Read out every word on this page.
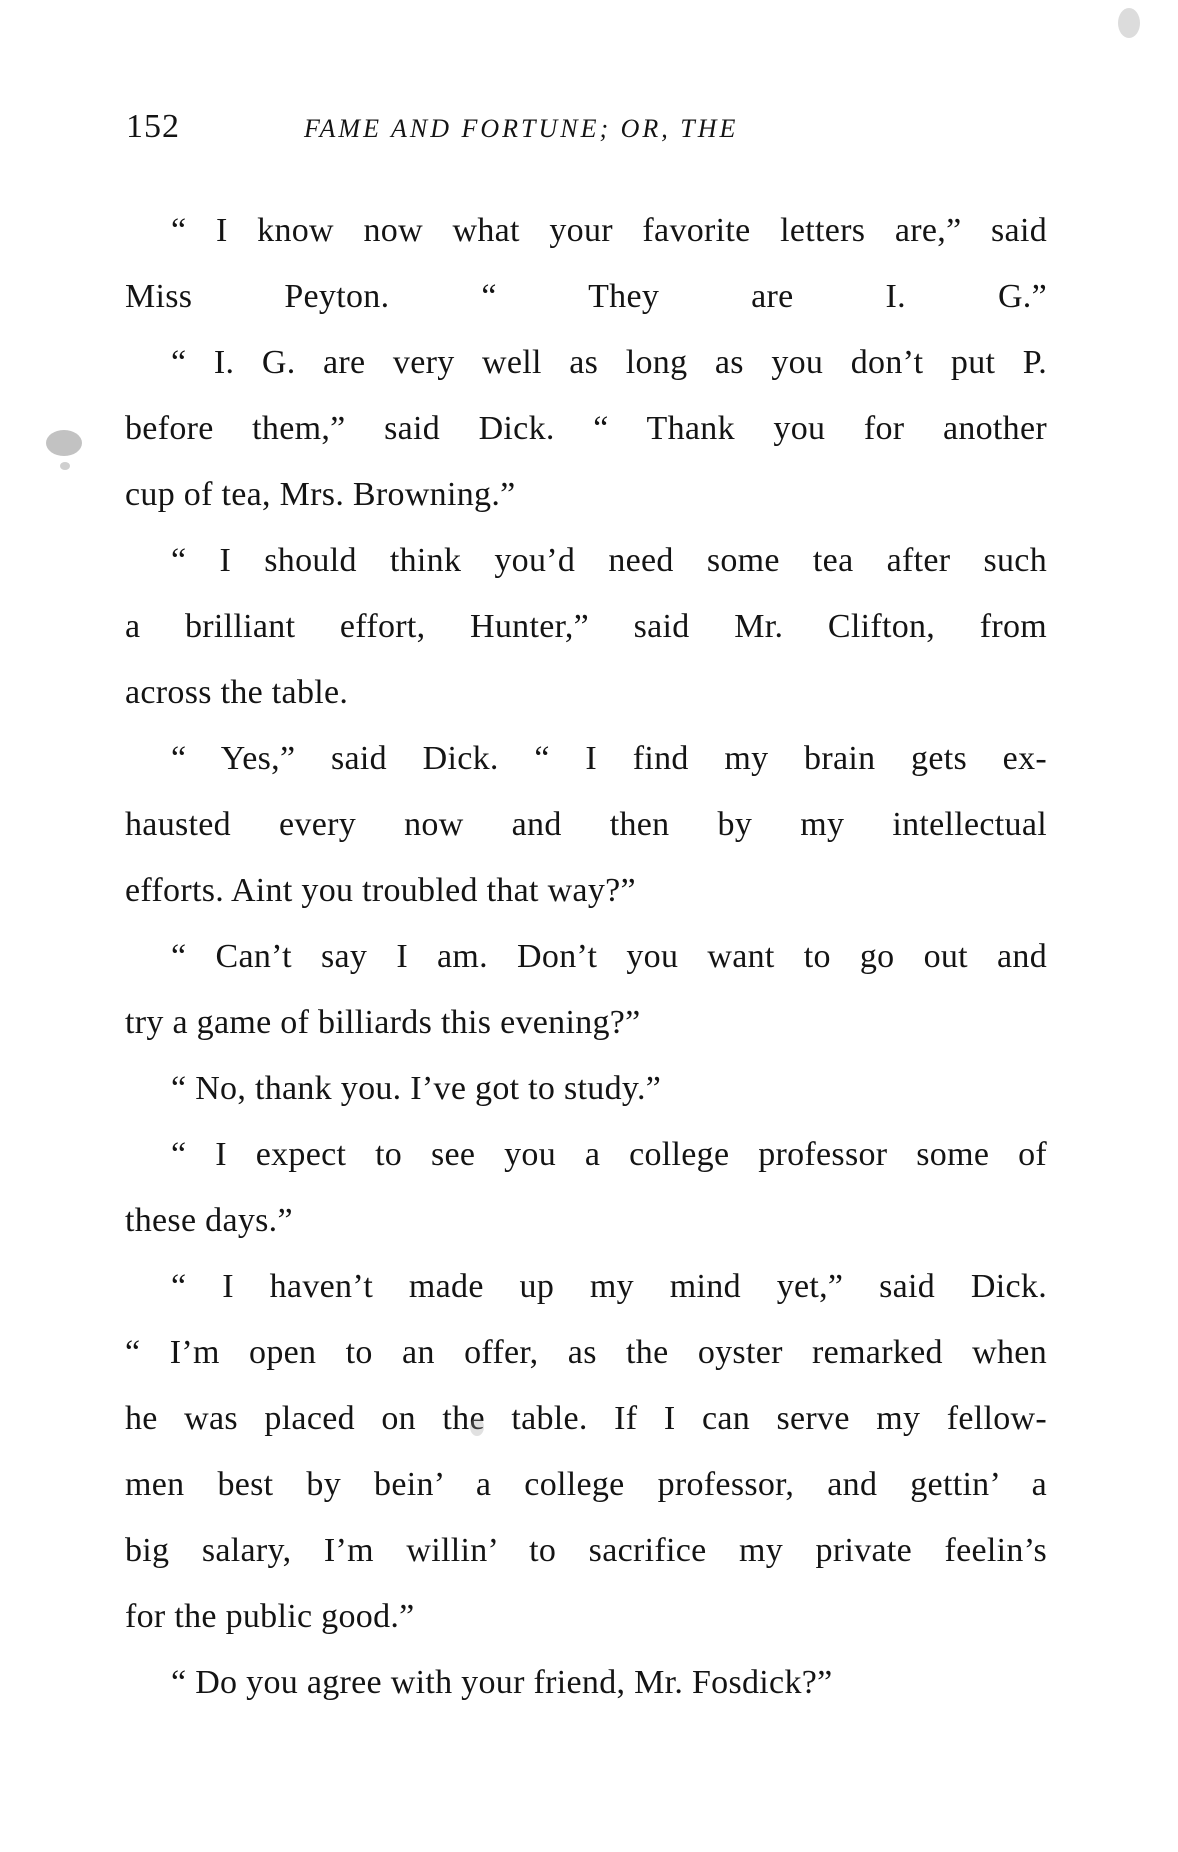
152	FAME AND FORTUNE; OR, THE
“ I know now what your favorite letters are,” said
Miss Peyton. “ They are I. G.”
“ I. G. are very well as long as you don’t put P.
before them,” said Dick. “ Thank you for another
cup of tea, Mrs. Browning.”
“ I should think you’d need some tea after such
a brilliant effort, Hunter,” said Mr. Clifton, from
across the table.
“ Yes,” said Dick. “ I find my brain gets ex-
hausted every now and then by my intellectual
efforts. Aint you troubled that way?”
“ Can’t say I am. Don’t you want to go out and
try a game of billiards this evening?”
“ No, thank you. I’ve got to study.”
“ I expect to see you a college professor some of
these days.”
“ I haven’t made up my mind yet,” said Dick.
“ I’m open to an offer, as the oyster remarked when
he was placed on the table. If I can serve my fellow-
men best by bein’ a college professor, and gettin’ a
big salary, I’m willin’ to sacrifice my private feelin’s
for the public good.”
“ Do you agree with your friend, Mr. Fosdick?”
